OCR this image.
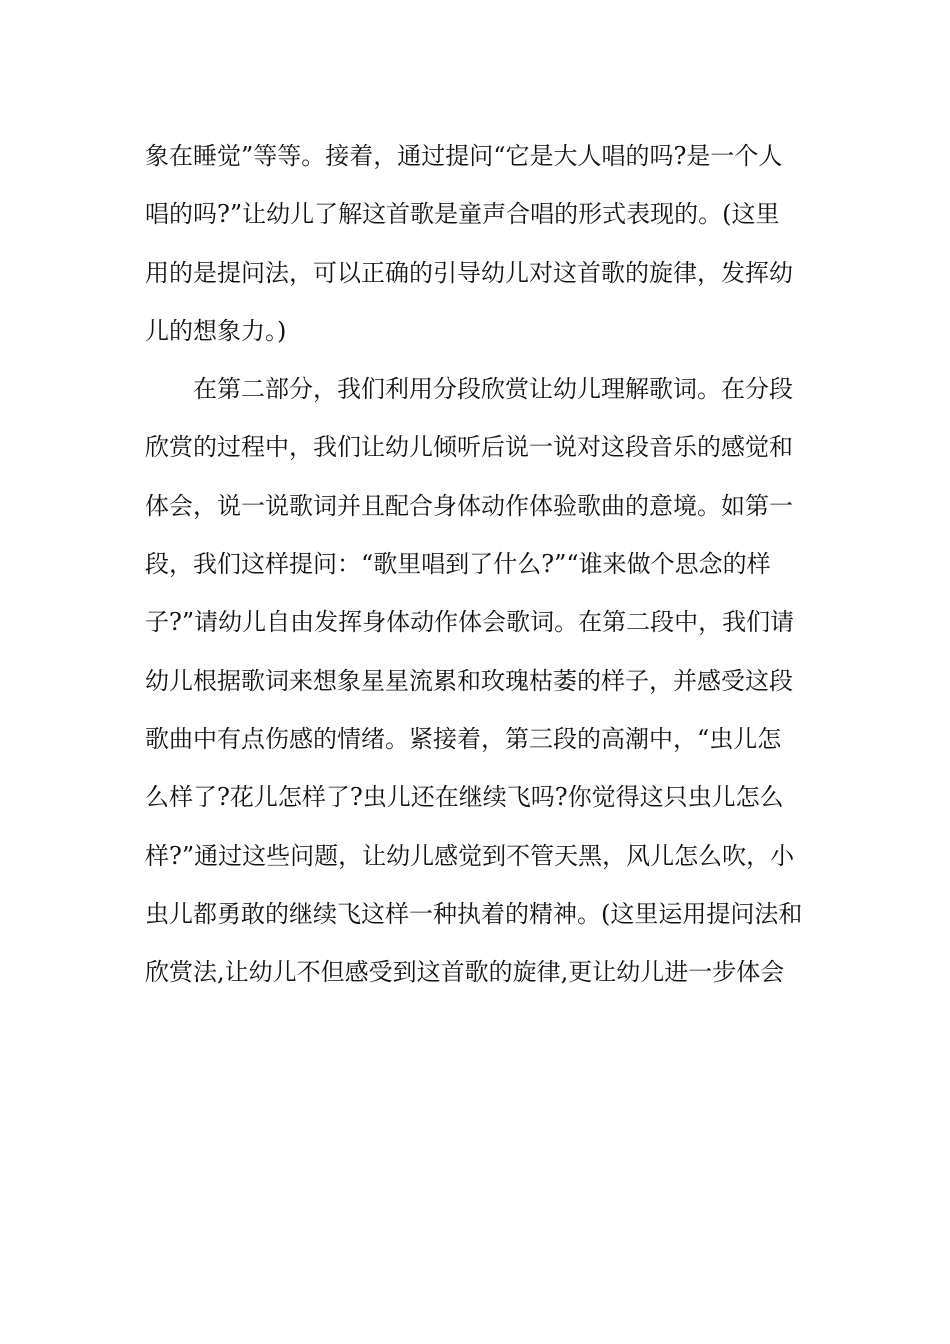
象在睡觉”等等。接着，通过提问“它是大人唱的吗?是一个人
唱的吗?”让幼儿了解这首歌是童声合唱的形式表现的。(这里
用的是提问法，可以正确的引导幼儿对这首歌的旋律，发挥幼
儿的想象力。)
在第二部分，我们利用分段欣赏让幼儿理解歌词。在分段
欣赏的过程中，我们让幼儿倾听后说一说对这段音乐的感觉和
体会，说一说歌词并且配合身体动作体验歌曲的意境。如第一
段，我们这样提问：“歌里唱到了什么?”“谁来做个思念的样
子?”请幼儿自由发挥身体动作体会歌词。在第二段中，我们请
幼儿根据歌词来想象星星流累和玫瑰枯萎的样子，并感受这段
歌曲中有点伤感的情绪。紧接着，第三段的高潮中，“虫儿怎
么样了?花儿怎样了?虫儿还在继续飞吗?你觉得这只虫儿怎么
样?”通过这些问题，让幼儿感觉到不管天黑，风儿怎么吹，小
虫儿都勇敢的继续飞这样一种执着的精神。(这里运用提问法和
欣赏法,让幼儿不但感受到这首歌的旋律,更让幼儿进一步体会
